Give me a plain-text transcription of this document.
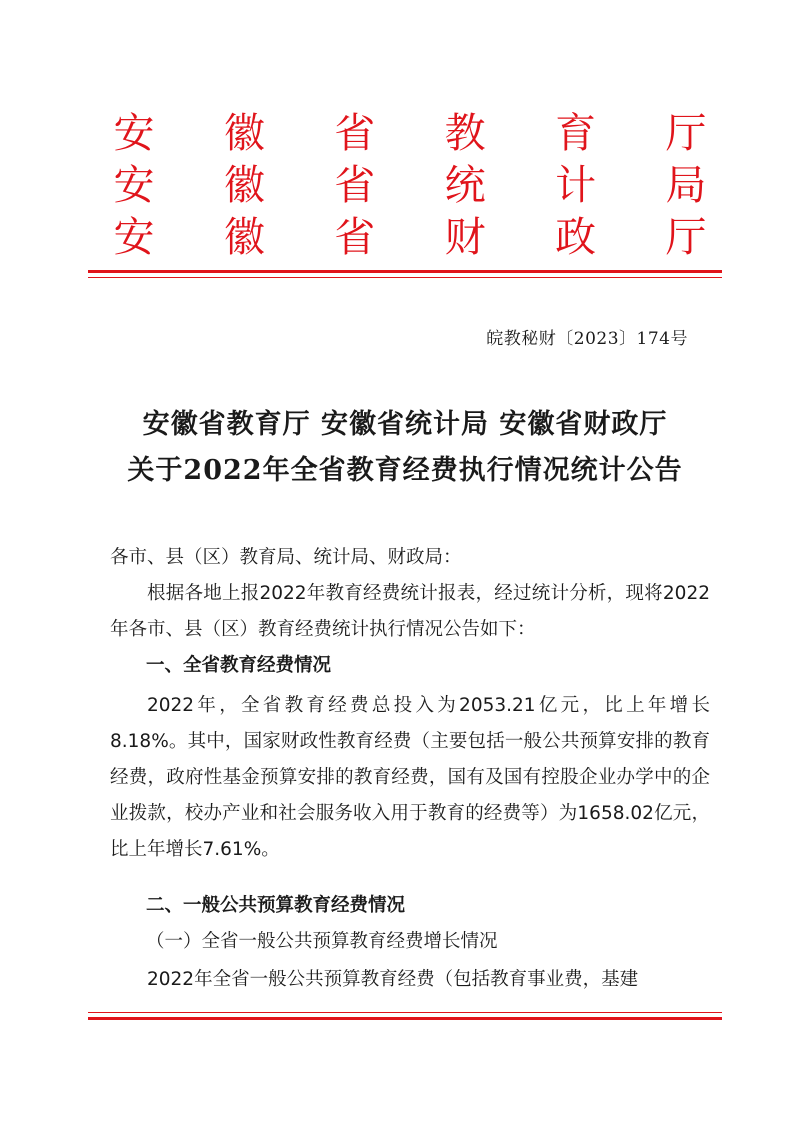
安 徽 省 教 育 厅
安 徽 省 统 计 局
安 徽 省 财 政 厅
皖教秘财〔2023〕174号
安徽省教育厅 安徽省统计局 安徽省财政厅
关于2022年全省教育经费执行情况统计公告
各市、县（区）教育局、统计局、财政局：
根据各地上报2022年教育经费统计报表，经过统计分析，现将2022年各市、县（区）教育经费统计执行情况公告如下：
一、全省教育经费情况
2022年，全省教育经费总投入为2053.21亿元，比上年增长8.18%。其中，国家财政性教育经费（主要包括一般公共预算安排的教育经费，政府性基金预算安排的教育经费，国有及国有控股企业办学中的企业拨款，校办产业和社会服务收入用于教育的经费等）为1658.02亿元，比上年增长7.61%。
二、一般公共预算教育经费情况
（一）全省一般公共预算教育经费增长情况
2022年全省一般公共预算教育经费（包括教育事业费，基建
